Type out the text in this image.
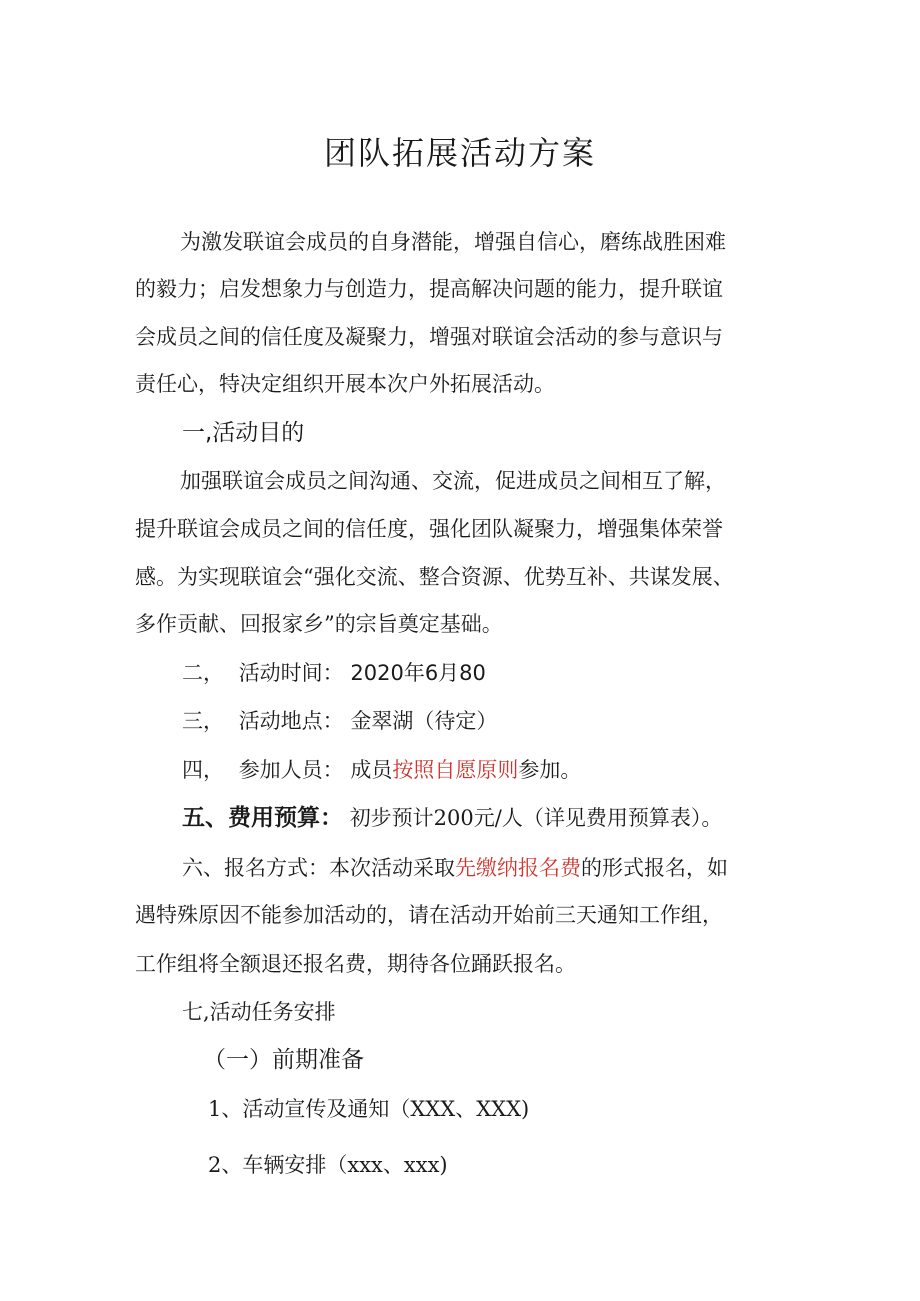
团队拓展活动方案
为激发联谊会成员的自身潜能，增强自信心，磨练战胜困难
的毅力；启发想象力与创造力，提高解决问题的能力，提升联谊
会成员之间的信任度及凝聚力，增强对联谊会活动的参与意识与
责任心，特决定组织开展本次户外拓展活动。
一,活动目的
加强联谊会成员之间沟通、交流，促进成员之间相互了解，
提升联谊会成员之间的信任度，强化团队凝聚力，增强集体荣誉
感。为实现联谊会“强化交流、整合资源、优势互补、共谋发展、
多作贡献、回报家乡”的宗旨奠定基础。
二， 活动时间： 2020年6月80
三， 活动地点： 金翠湖（待定）
四， 参加人员： 成员按照自愿原则参加。
五、费用预算： 初步预计200元/人（详见费用预算表）。
六、报名方式：本次活动采取先缴纳报名费的形式报名，如
遇特殊原因不能参加活动的，请在活动开始前三天通知工作组，
工作组将全额退还报名费，期待各位踊跃报名。
七,活动任务安排
（一）前期准备
1、活动宣传及通知（XXX、XXX)
2、车辆安排（xxx、xxx)
